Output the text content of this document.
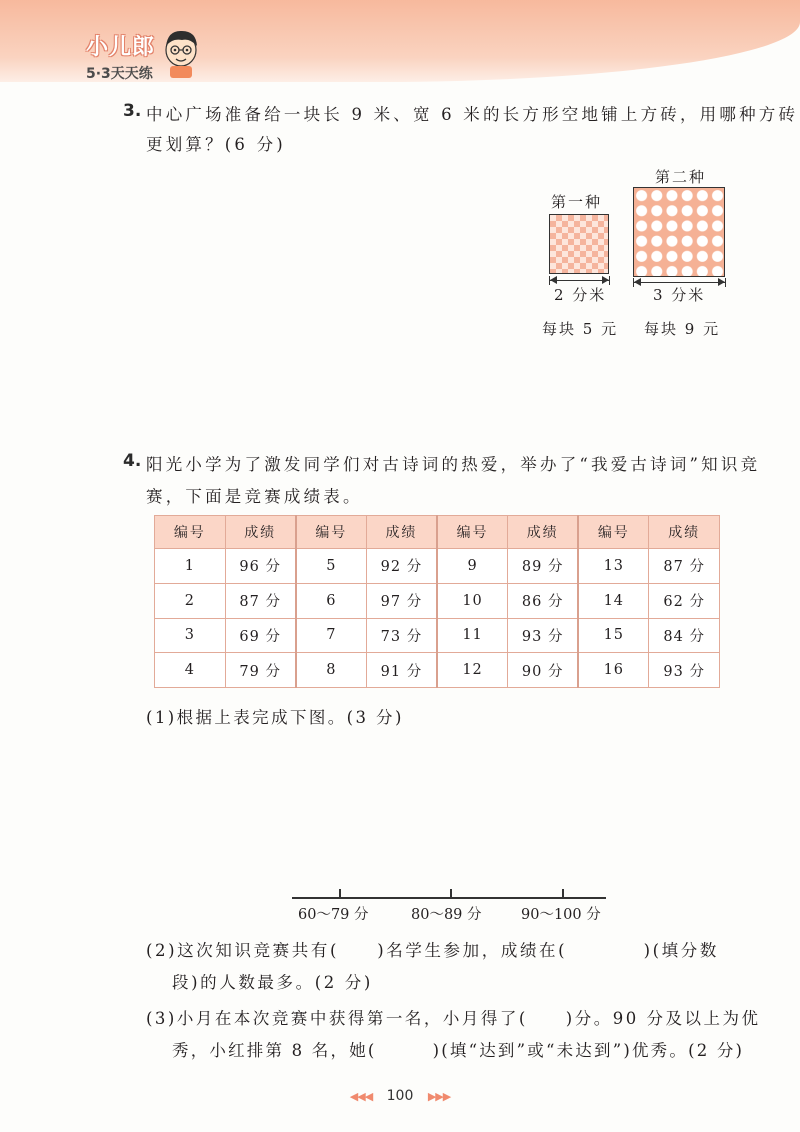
小儿郎
5·3天天练
3. 中心广场准备给一块长 9 米、宽 6 米的长方形空地铺上方砖，用哪种方砖
更划算？(6 分)
第一种
2 分米
每块 5 元
第二种
3 分米
每块 9 元
4. 阳光小学为了激发同学们对古诗词的热爱，举办了“我爱古诗词”知识竞
赛，下面是竞赛成绩表。
编号	成绩	编号	成绩	编号	成绩	编号	成绩
1	96 分	5	92 分	9	89 分	13	87 分
2	87 分	6	97 分	10	86 分	14	62 分
3	69 分	7	73 分	11	93 分	15	84 分
4	79 分	8	91 分	12	90 分	16	93 分
(1)根据上表完成下图。(3 分)
60～79 分	80～89 分	90～100 分
(2)这次知识竞赛共有(　　)名学生参加，成绩在(　　　　)(填分数
段)的人数最多。(2 分)
(3)小月在本次竞赛中获得第一名，小月得了(　　)分。90 分及以上为优
秀，小红排第 8 名，她(　　　)(填“达到”或“未达到”)优秀。(2 分)
◀◀◀ 100 ▶▶▶
